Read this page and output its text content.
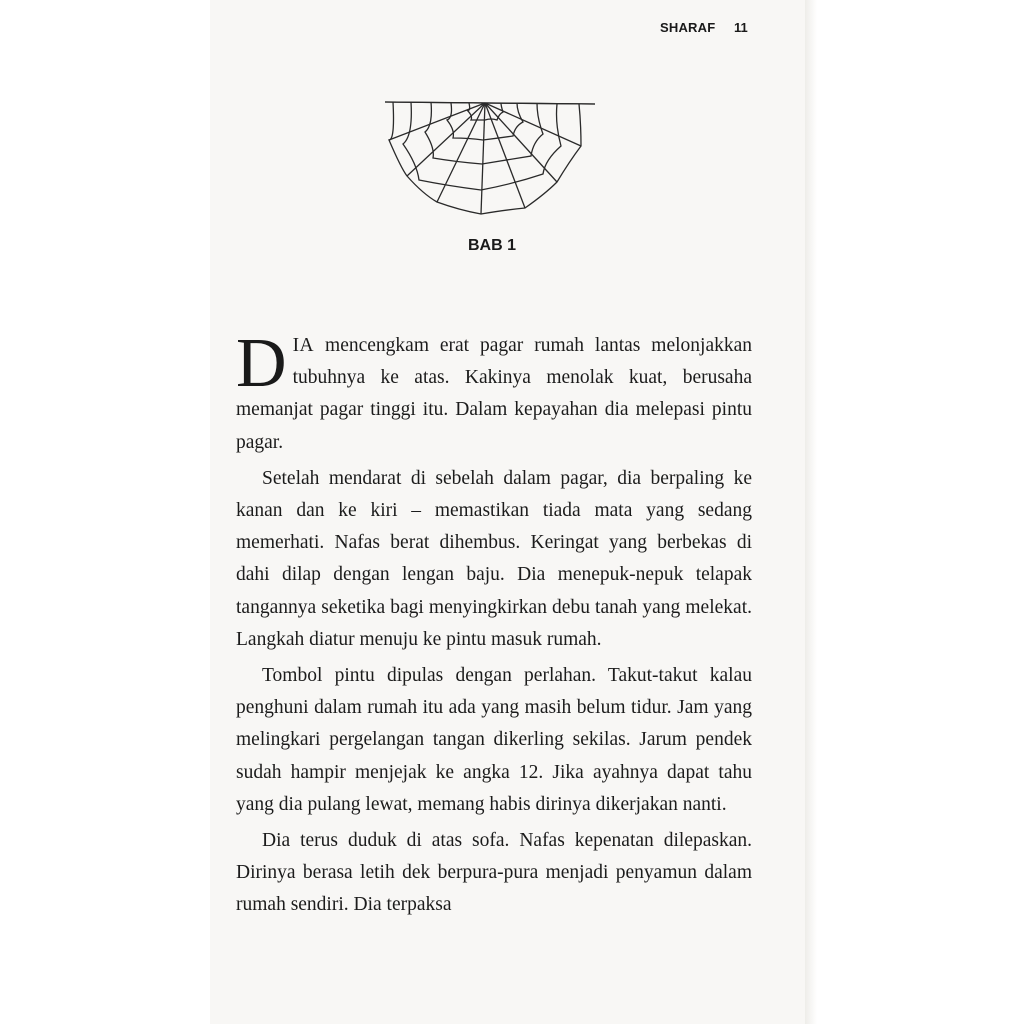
SHARAF 11
BAB 1

DIA mencengkam erat pagar rumah lantas melonjakkan tubuhnya ke atas. Kakinya menolak kuat, berusaha memanjat pagar tinggi itu. Dalam kepayahan dia melepasi pintu pagar.

Setelah mendarat di sebelah dalam pagar, dia berpaling ke kanan dan ke kiri – memastikan tiada mata yang sedang memerhati. Nafas berat dihembus. Keringat yang berbekas di dahi dilap dengan lengan baju. Dia menepuk-nepuk telapak tangannya seketika bagi menyingkirkan debu tanah yang melekat. Langkah diatur menuju ke pintu masuk rumah.

Tombol pintu dipulas dengan perlahan. Takut-takut kalau penghuni dalam rumah itu ada yang masih belum tidur. Jam yang melingkari pergelangan tangan dikerling sekilas. Jarum pendek sudah hampir menjejak ke angka 12. Jika ayahnya dapat tahu yang dia pulang lewat, memang habis dirinya dikerjakan nanti.

Dia terus duduk di atas sofa. Nafas kepenatan dilepaskan. Dirinya berasa letih dek berpura-pura menjadi penyamun dalam rumah sendiri. Dia terpaksa
